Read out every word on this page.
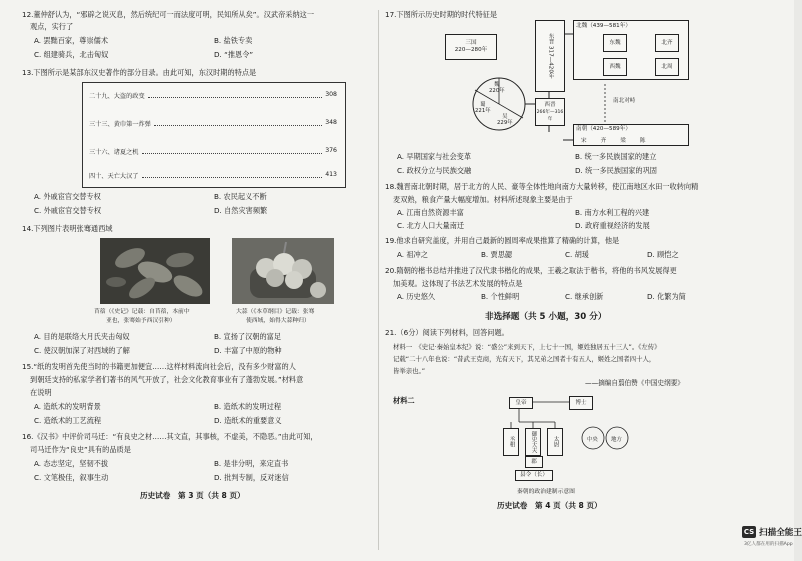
12.董仲舒认为，“邪辟之说灭息，然后统纪可一而法度可明，民知所从矣”。汉武帝采纳这一
观点，实行了
A. 罢黜百家，尊崇儒术	B. 盐铁专卖
C. 组建骑兵，北击匈奴	D. “推恩令”
13.下图所示是某部东汉史著作的部分目录。由此可知，东汉时期的特点是
二十九、大盗的政变	308
三十三、黄巾第一炸弹	348
三十六、诸夏之机	376
四十、天亡大汉了	413
A. 外戚宦官交替专权	B. 农民起义不断
C. 外戚宦官交替专权	D. 自然灾害频繁
14.下列图片表明张骞通西域
苜蓿（《史记》记载：自苜蓿，本前中
亚也，张骞始予西汉引种）
大蒜（《本草纲目》记载：张骞
使西域，始得大蒜种归）
A. 目的是联络大月氏夹击匈奴	B. 宣扬了汉朝的富足
C. 使汉朝加深了对西域的了解	D. 丰富了中原的物种
15.“纸的发明首先使当时的书籍更加便宜……这样材料流向社会后，没有多少财富的人
到朝廷支持的私家学者们著书的风气开放了，社会文化教育事业有了蓬勃发展。”材料意
在说明
A. 造纸术的发明背景	B. 造纸术的发明过程
C. 造纸术的工艺流程	D. 造纸术的重要意义
16.《汉书》中评价司马迁：“有良史之材……其文直，其事核，不虚美，不隐恶。”由此可知，
司马迁作为“良史”具有的品质是
A. 态志坚定，坚韧不拔	B. 是非分明，来定直书
C. 文笔极佳，叙事生动	D. 批判专制，反对迷信
历史试卷　第 3 页（共 8 页）
17.下图所示历史时期的时代特征是
三国
220—280年	东晋 317—420年
西晋
266年—316年
魏
220年
蜀
221年
吴
229年
北魏（439—581年）
东魏	北齐
西魏	北周
南北对峙
南朝（420—589年）
宋	齐	梁	陈
A. 早期国家与社会变革	B. 统一多民族国家的建立
C. 政权分立与民族交融	D. 统一多民族国家的巩固
18.魏晋南北朝时期，居于北方的人民、豪等全体性地向南方大量转移，使江南地区水田一收转向精
麦双熟，粮食产量大幅度增加。材料所述现象主要是由于
A. 江南自然资源丰富	B. 南方水利工程的兴建
C. 北方人口大量南迁	D. 政府重视经济的发展
19.他求自研究盖度，并用自己最新的圆周率成果推算了精确的计算，他是
A. 祖冲之	B. 贾思勰	C. 胡瑗	D. 顾恺之
20.隋朝的楷书总结并推进了汉代隶书楷化的成果，王羲之取法于楷书，将他的书风发展得更
加美观。这体现了书法艺术发展的特点是
A. 历史悠久	B. 个性鲜明	C. 继承创新	D. 化繁为简
非选择题（共 5 小题，30 分）
21.（6分）阅读下列材料，回答问题。
材料一　《史记·秦始皇本纪》说：“盛公”来到天下，上七十一国，姬姓独居五十三人”。《左传》
记载“二十八年也说：“昔武王克商，光有天下，其兄弟之国者十有五人，姬姓之国者四十人，
皆举亲也。”
——摘编自翦伯赞《中国史纲要》
材料二	皇帝	博士
丞相	御史大夫	太尉
郡
县令（长）
中央 地方
秦朝的政治建制示意图
历史试卷　第 4 页（共 8 页）
CS 扫描全能王
3亿人都在用的扫描App
